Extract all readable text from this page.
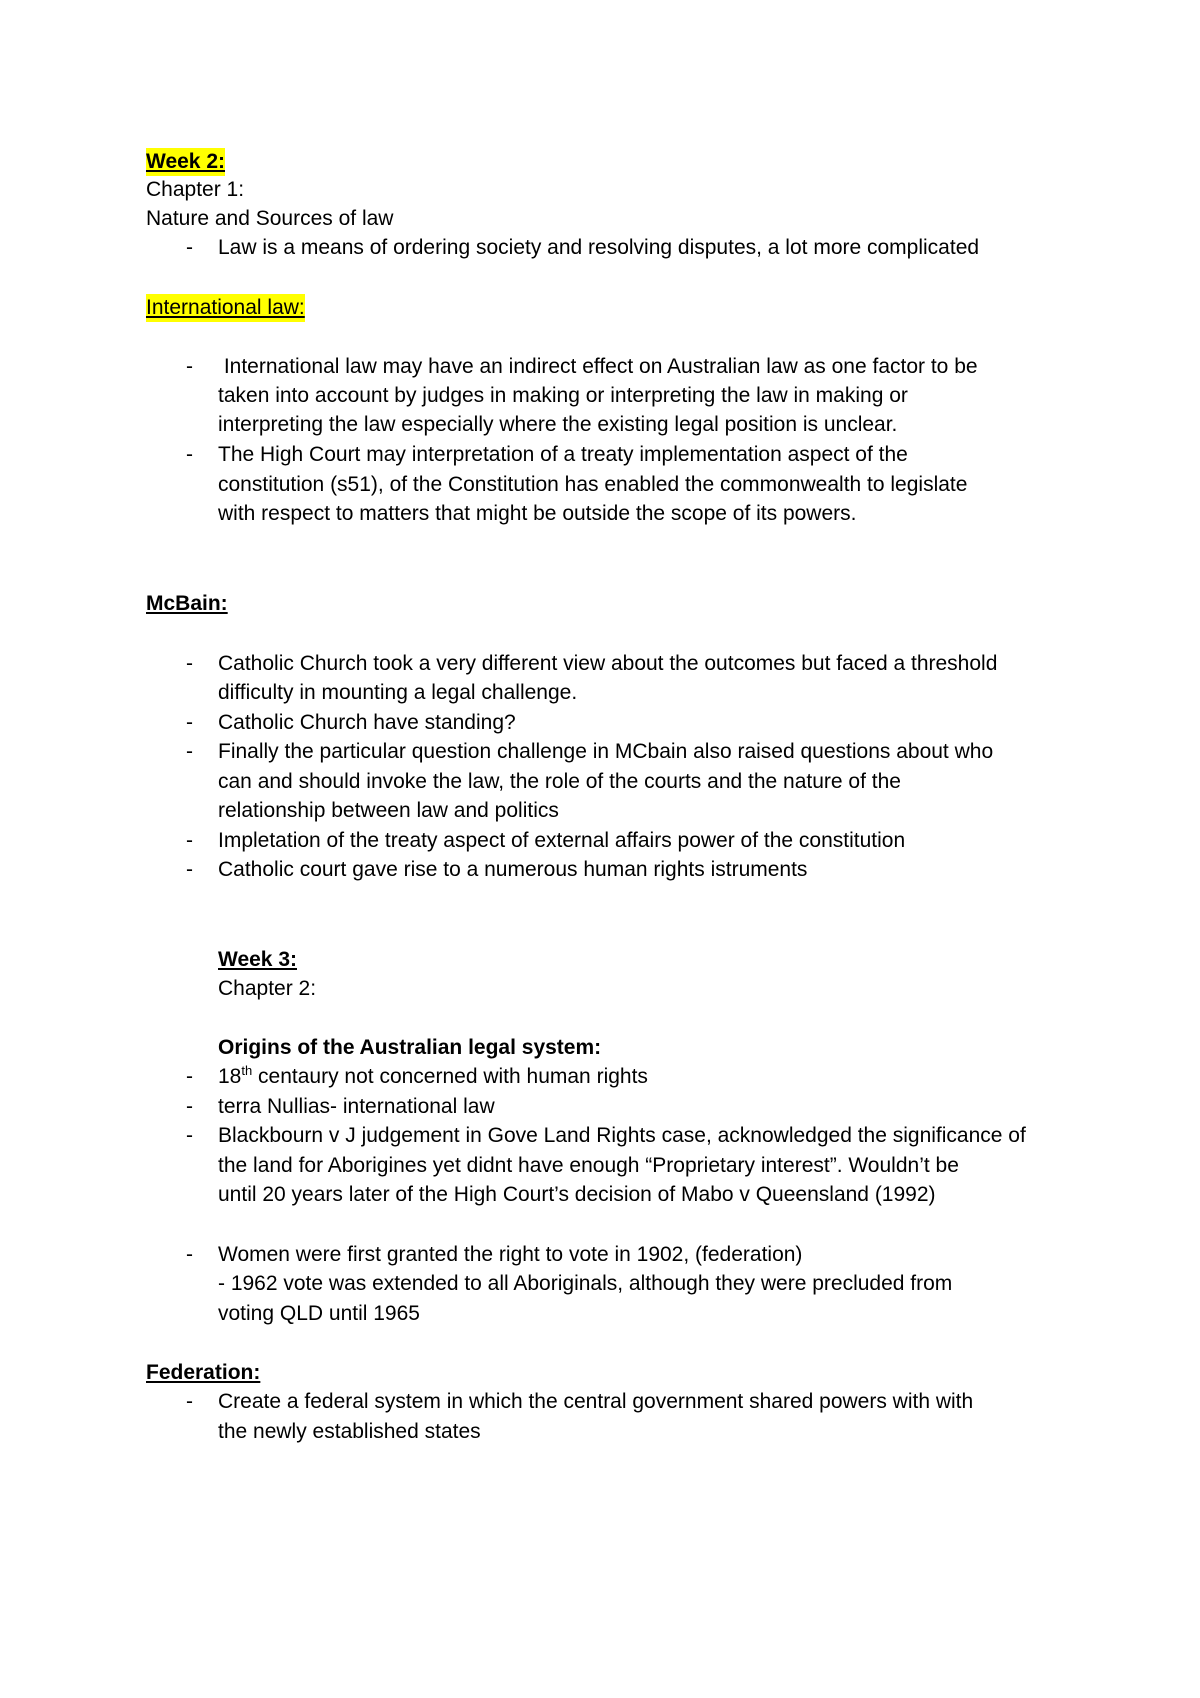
Week 2:
Chapter 1:
Nature and Sources of law
- Law is a means of ordering society and resolving disputes, a lot more complicated
International law:
- International law may have an indirect effect on Australian law as one factor to be
taken into account by judges in making or interpreting the law in making or
interpreting the law especially where the existing legal position is unclear.
- The High Court may interpretation of a treaty implementation aspect of the
constitution (s51), of the Constitution has enabled the commonwealth to legislate
with respect to matters that might be outside the scope of its powers.
McBain:
- Catholic Church took a very different view about the outcomes but faced a threshold
difficulty in mounting a legal challenge.
- Catholic Church have standing?
- Finally the particular question challenge in MCbain also raised questions about who
can and should invoke the law, the role of the courts and the nature of the
relationship between law and politics
- Impletation of the treaty aspect of external affairs power of the constitution
- Catholic court gave rise to a numerous human rights istruments
Week 3:
Chapter 2:
Origins of the Australian legal system:
- 18th centaury not concerned with human rights
- terra Nullias- international law
- Blackbourn v J judgement in Gove Land Rights case, acknowledged the significance of
the land for Aborigines yet didnt have enough “Proprietary interest”. Wouldn’t be
until 20 years later of the High Court’s decision of Mabo v Queensland (1992)
- Women were first granted the right to vote in 1902, (federation)
- 1962 vote was extended to all Aboriginals, although they were precluded from
voting QLD until 1965
Federation:
- Create a federal system in which the central government shared powers with with
the newly established states
